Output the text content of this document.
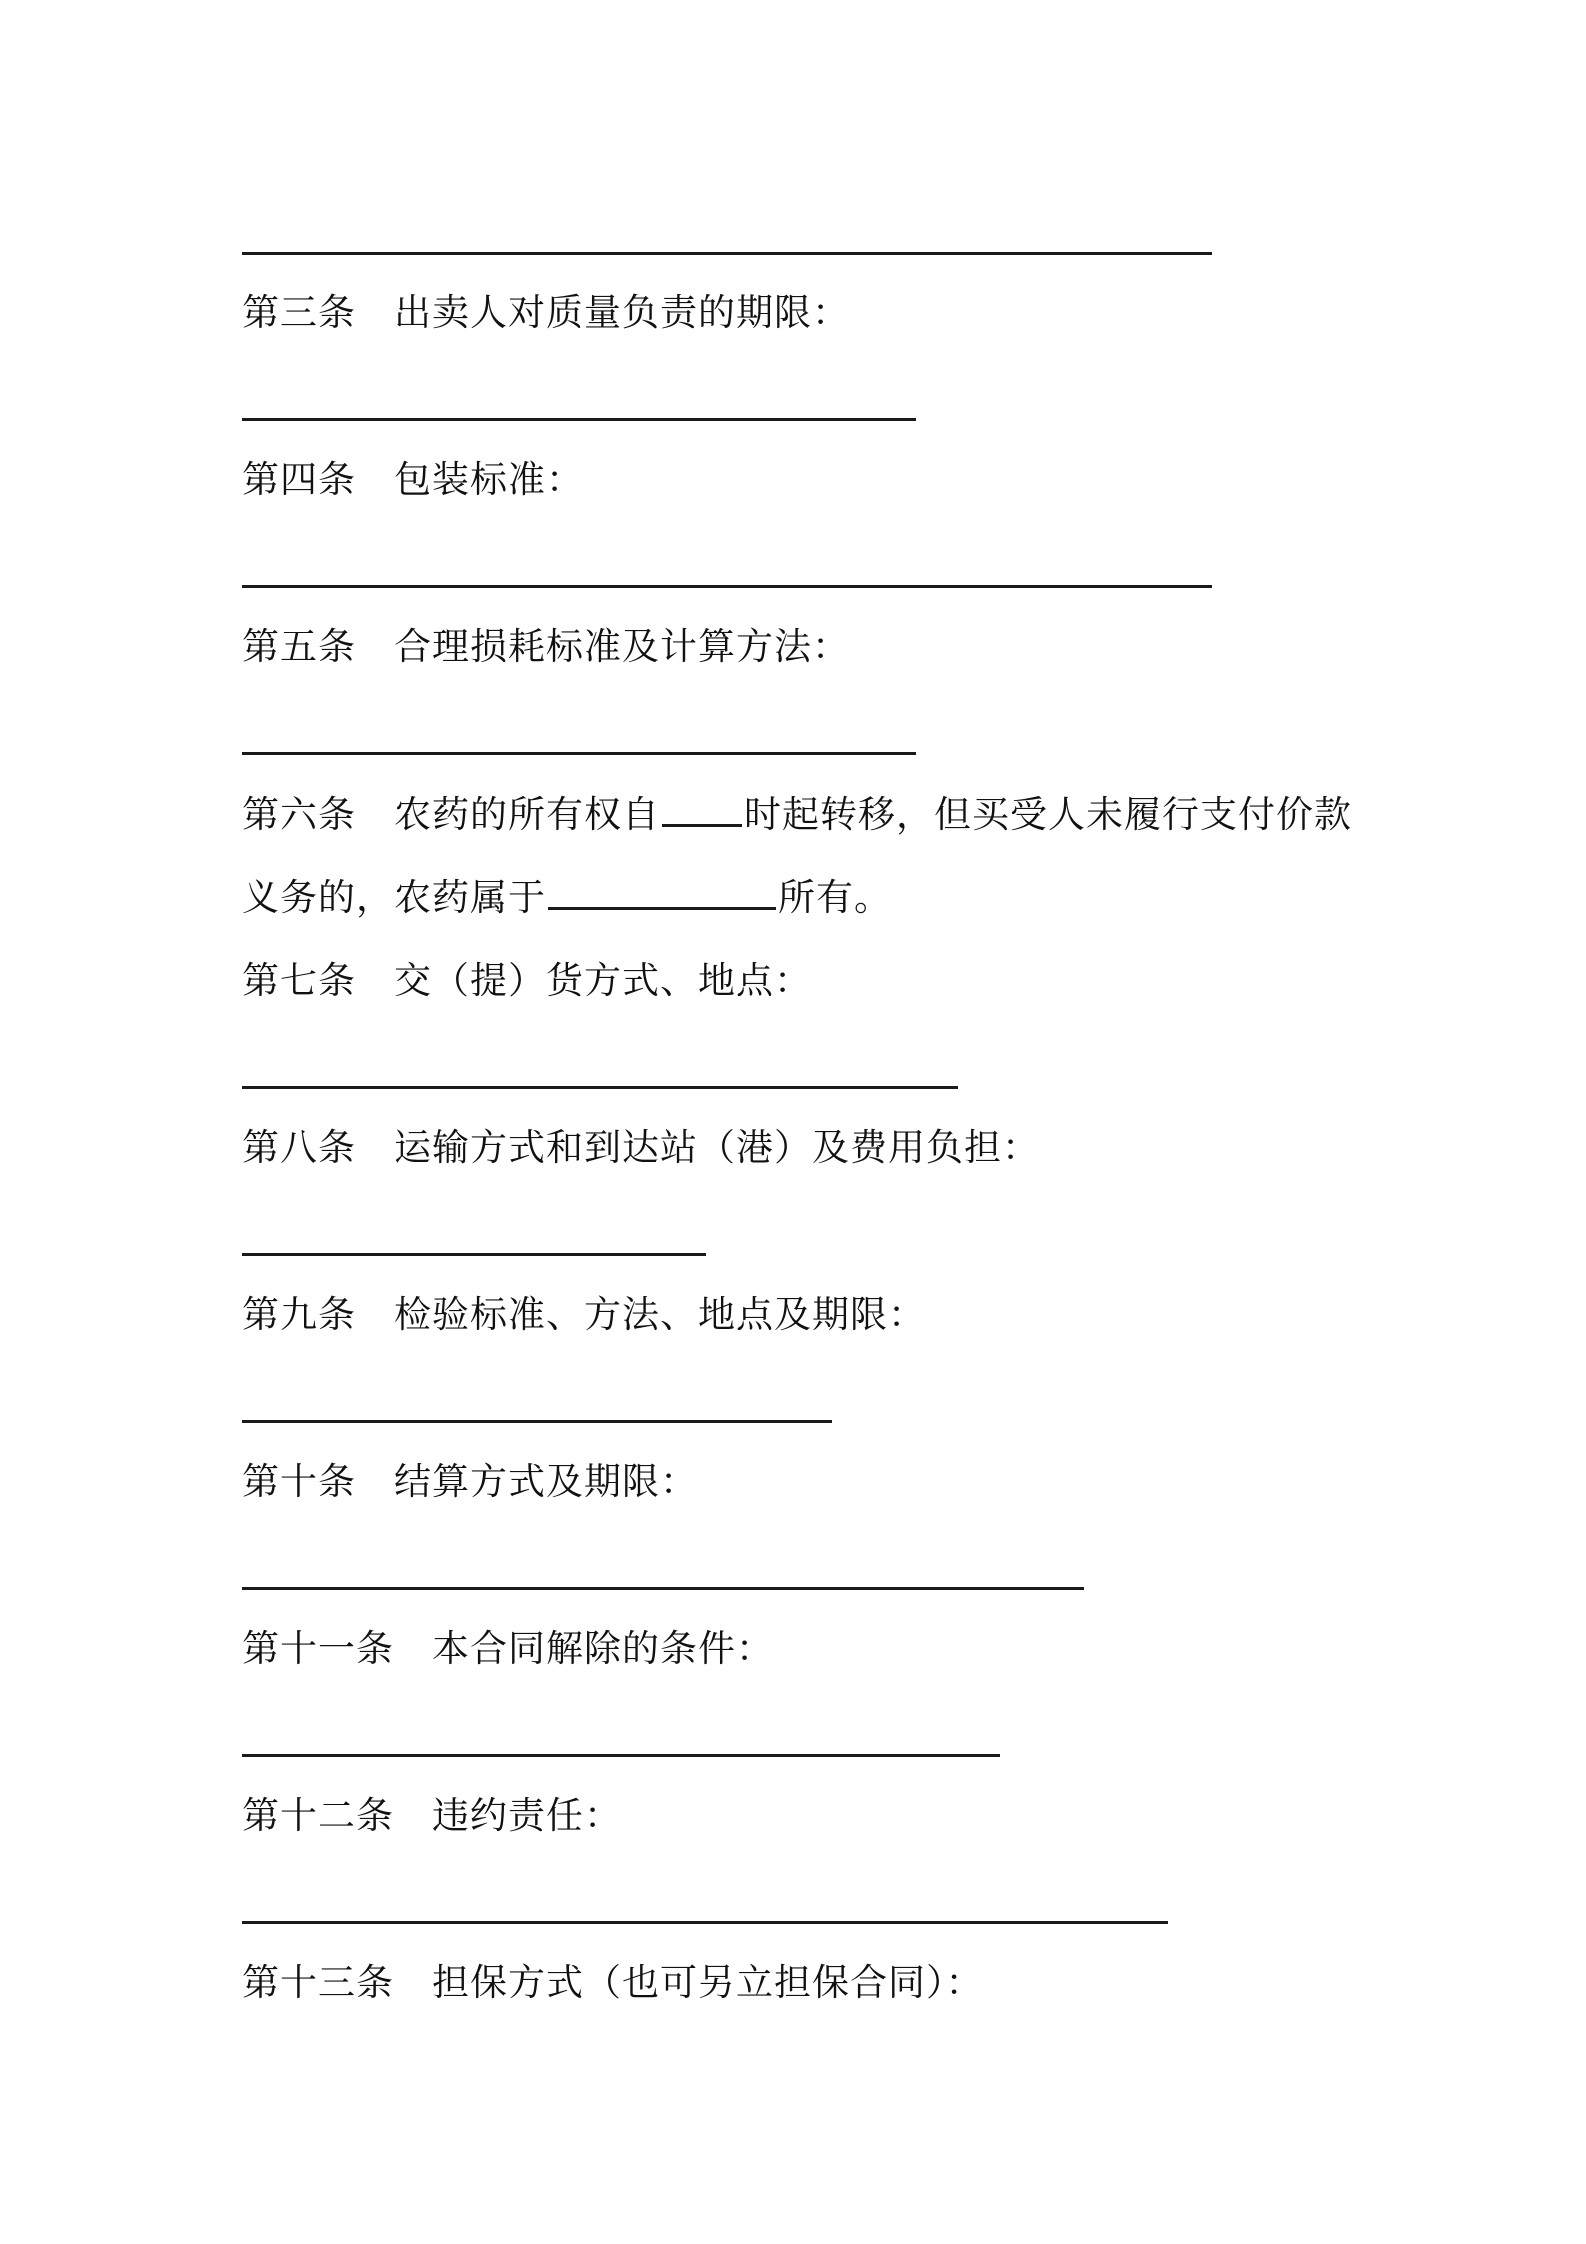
第三条 出卖人对质量负责的期限：
第四条 包装标准：
第五条 合理损耗标准及计算方法：
第六条 农药的所有权自 时起转移，但买受人未履行支付价款
义务的，农药属于	所有。
第七条 交（提）货方式、地点：
第八条 运输方式和到达站（港）及费用负担：
第九条 检验标准、方法、地点及期限：
第十条 结算方式及期限：
第十一条 本合同解除的条件：
第十二条 违约责任：
第十三条 担保方式（也可另立担保合同）：
